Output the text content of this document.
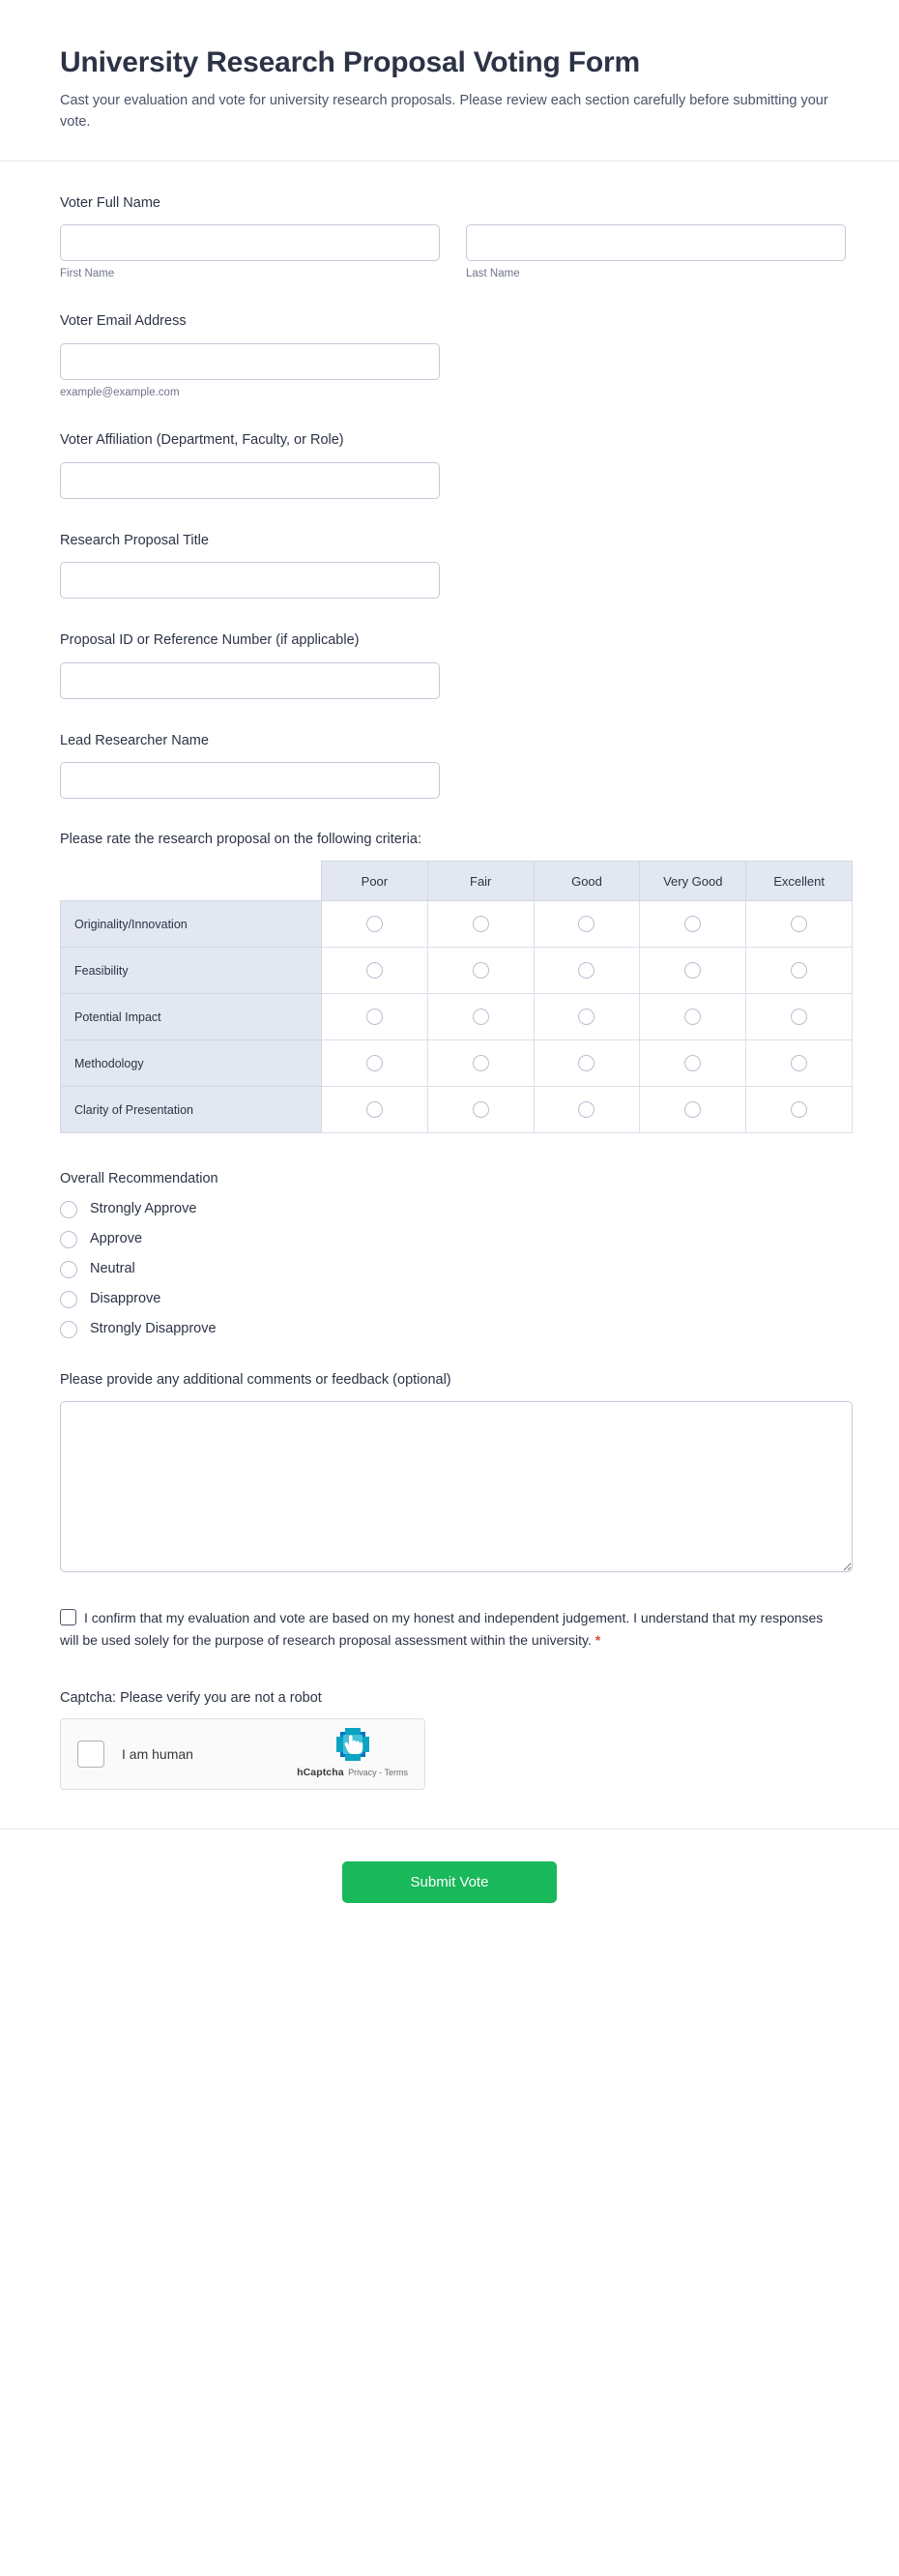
University Research Proposal Voting Form

Cast your evaluation and vote for university research proposals. Please review each section carefully before submitting your vote.

Voter Full Name
First Name	Last Name
Voter Email Address
example@example.com
Voter Affiliation (Department, Faculty, or Role)
Research Proposal Title
Proposal ID or Reference Number (if applicable)
Lead Researcher Name
Please rate the research proposal on the following criteria:
	Poor	Fair	Good	Very Good	Excellent
Originality/Innovation					
Feasibility					
Potential Impact					
Methodology					
Clarity of Presentation					
Overall Recommendation
Strongly Approve
Approve
Neutral
Disapprove
Strongly Disapprove
Please provide any additional comments or feedback (optional)
I confirm that my evaluation and vote are based on my honest and independent judgement. I understand that my responses will be used solely for the purpose of research proposal assessment within the university. *
Captcha: Please verify you are not a robot
I am human
hCaptcha Privacy - Terms
Submit Vote
